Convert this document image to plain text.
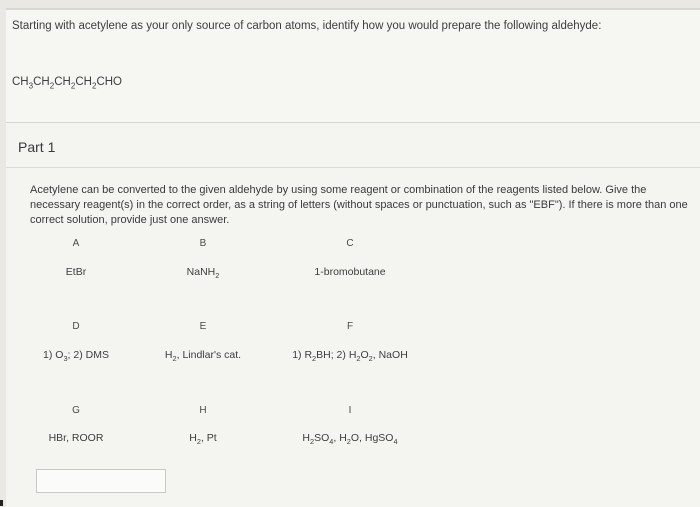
Starting with acetylene as your only source of carbon atoms, identify how you would prepare the following aldehyde:
$CH_3CH_2CH_2CH_2CHO$
Part 1
Acetylene can be converted to the given aldehyde by using some reagent or combination of the reagents listed below. Give the necessary reagent(s) in the correct order, as a string of letters (without spaces or punctuation, such as "EBF"). If there is more than one correct solution, provide just one answer.
A	B	C
EtBr	NaNH$_2$	1-bromobutane
D	E	F
1) $O_3$; 2) DMS	$H_2$, Lindlar's cat.	1) $R_2BH$; 2) $H_2O_2$, NaOH
G	H	I
HBr, ROOR	$H_2$, Pt	$H_2SO_4$, $H_2O$, HgSO$_4$
